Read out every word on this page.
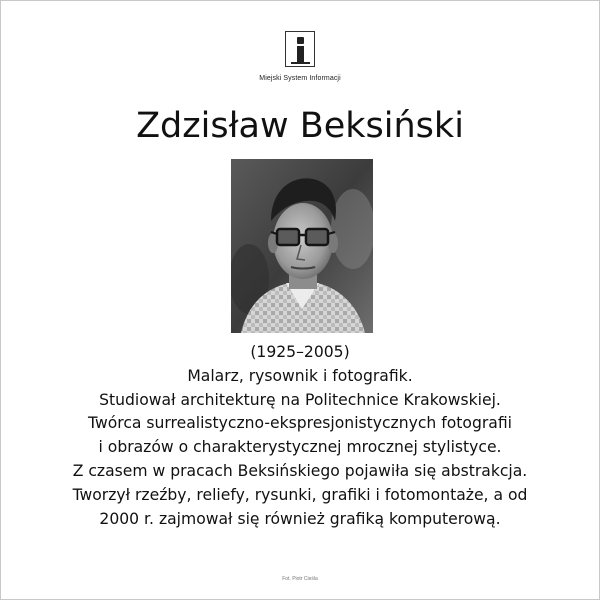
Miejski System Informacji
Zdzisław Beksiński
(1925–2005)
Malarz, rysownik i fotografik.
Studiował architekturę na Politechnice Krakowskiej.
Twórca surrealistyczno-ekspresjonistycznych fotografii
i obrazów o charakterystycznej mrocznej stylistyce.
Z czasem w pracach Beksińskiego pojawiła się abstrakcja.
Tworzył rzeźby, reliefy, rysunki, grafiki i fotomontaże, a od
2000 r. zajmował się również grafiką komputerową.
Fot. Piotr Cieśla
